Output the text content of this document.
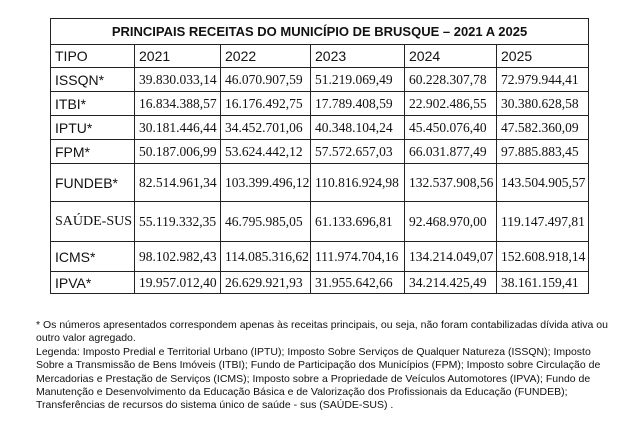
PRINCIPAIS RECEITAS DO MUNICÍPIO DE BRUSQUE – 2021 A 2025					
TIPO	2021	2022	2023	2024	2025
ISSQN*	39.830.033,14	46.070.907,59	51.219.069,49	60.228.307,78	72.979.944,41
ITBI*	16.834.388,57	16.176.492,75	17.789.408,59	22.902.486,55	30.380.628,58
IPTU*	30.181.446,44	34.452.701,06	40.348.104,24	45.450.076,40	47.582.360,09
FPM*	50.187.006,99	53.624.442,12	57.572.657,03	66.031.877,49	97.885.883,45
FUNDEB*	82.514.961,34	103.399.496,12	110.816.924,98	132.537.908,56	143.504.905,57
SAÚDE-SUS	55.119.332,35	46.795.985,05	61.133.696,81	92.468.970,00	119.147.497,81
ICMS*	98.102.982,43	114.085.316,62	111.974.704,16	134.214.049,07	152.608.918,14
IPVA*	19.957.012,40	26.629.921,93	31.955.642,66	34.214.425,49	38.161.159,41

* Os números apresentados correspondem apenas às receitas principais, ou seja, não foram contabilizadas dívida ativa ou outro valor agregado.

Legenda: Imposto Predial e Territorial Urbano (IPTU); Imposto Sobre Serviços de Qualquer Natureza (ISSQN); Imposto Sobre a Transmissão de Bens Imóveis (ITBI); Fundo de Participação dos Municípios (FPM); Imposto sobre Circulação de Mercadorias e Prestação de Serviços (ICMS); Imposto sobre a Propriedade de Veículos Automotores (IPVA); Fundo de Manutenção e Desenvolvimento da Educação Básica e de Valorização dos Profissionais da Educação (FUNDEB); Transferências de recursos do sistema único de saúde - sus (SAÚDE-SUS) .
